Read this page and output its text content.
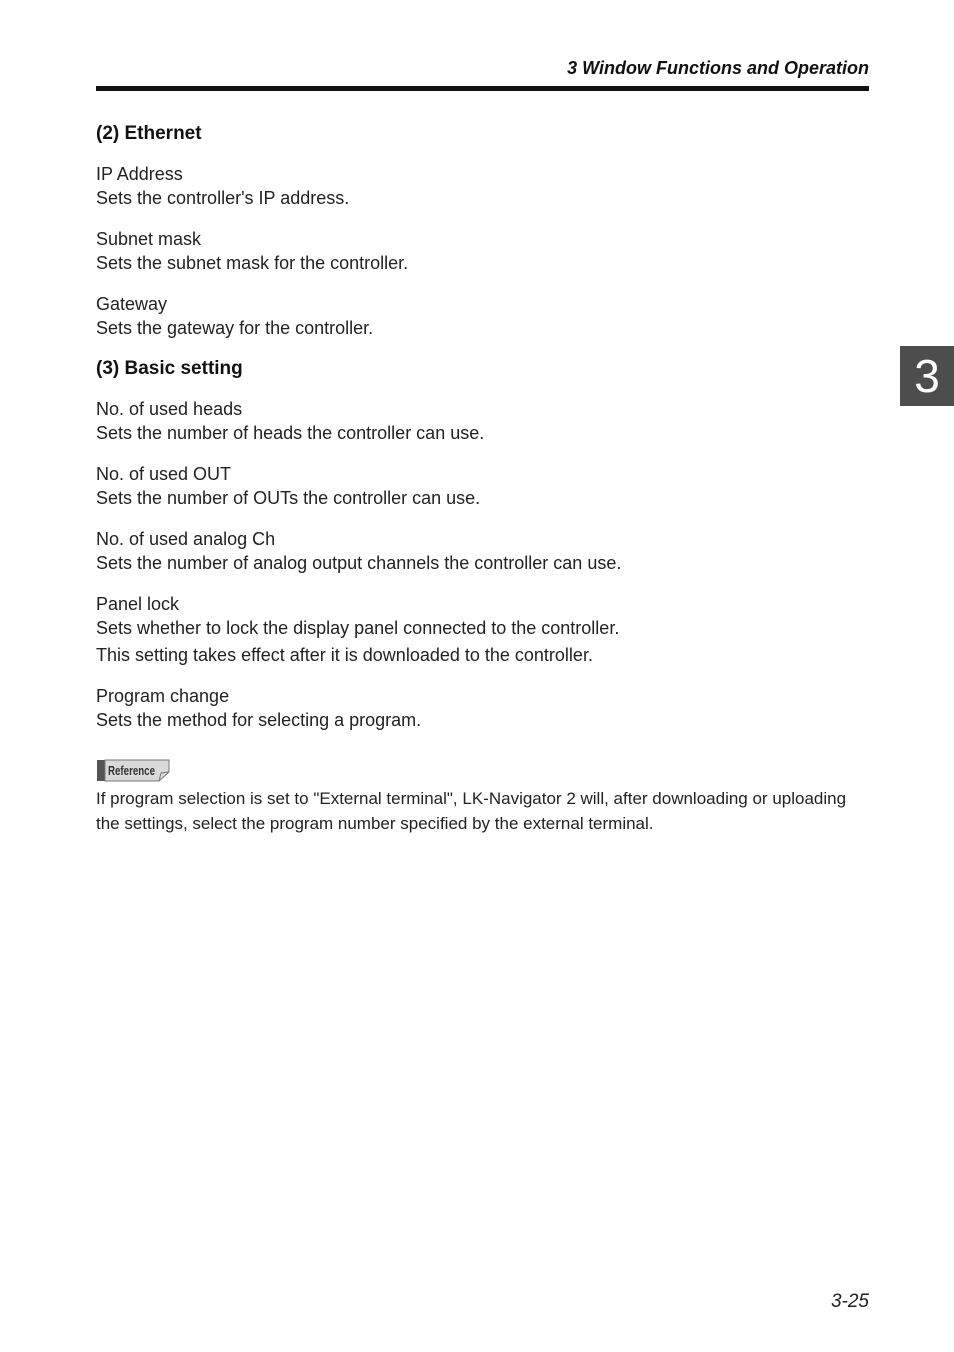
3 Window Functions and Operation
3
(2) Ethernet
IP Address
Sets the controller's IP address.
Subnet mask
Sets the subnet mask for the controller.
Gateway
Sets the gateway for the controller.
(3) Basic setting
No. of used heads
Sets the number of heads the controller can use.
No. of used OUT
Sets the number of OUTs the controller can use.
No. of used analog Ch
Sets the number of analog output channels the controller can use.
Panel lock
Sets whether to lock the display panel connected to the controller.
This setting takes effect after it is downloaded to the controller.
Program change
Sets the method for selecting a program.
Reference
If program selection is set to "External terminal", LK-Navigator 2 will, after downloading or uploading the settings, select the program number specified by the external terminal.
3-25
